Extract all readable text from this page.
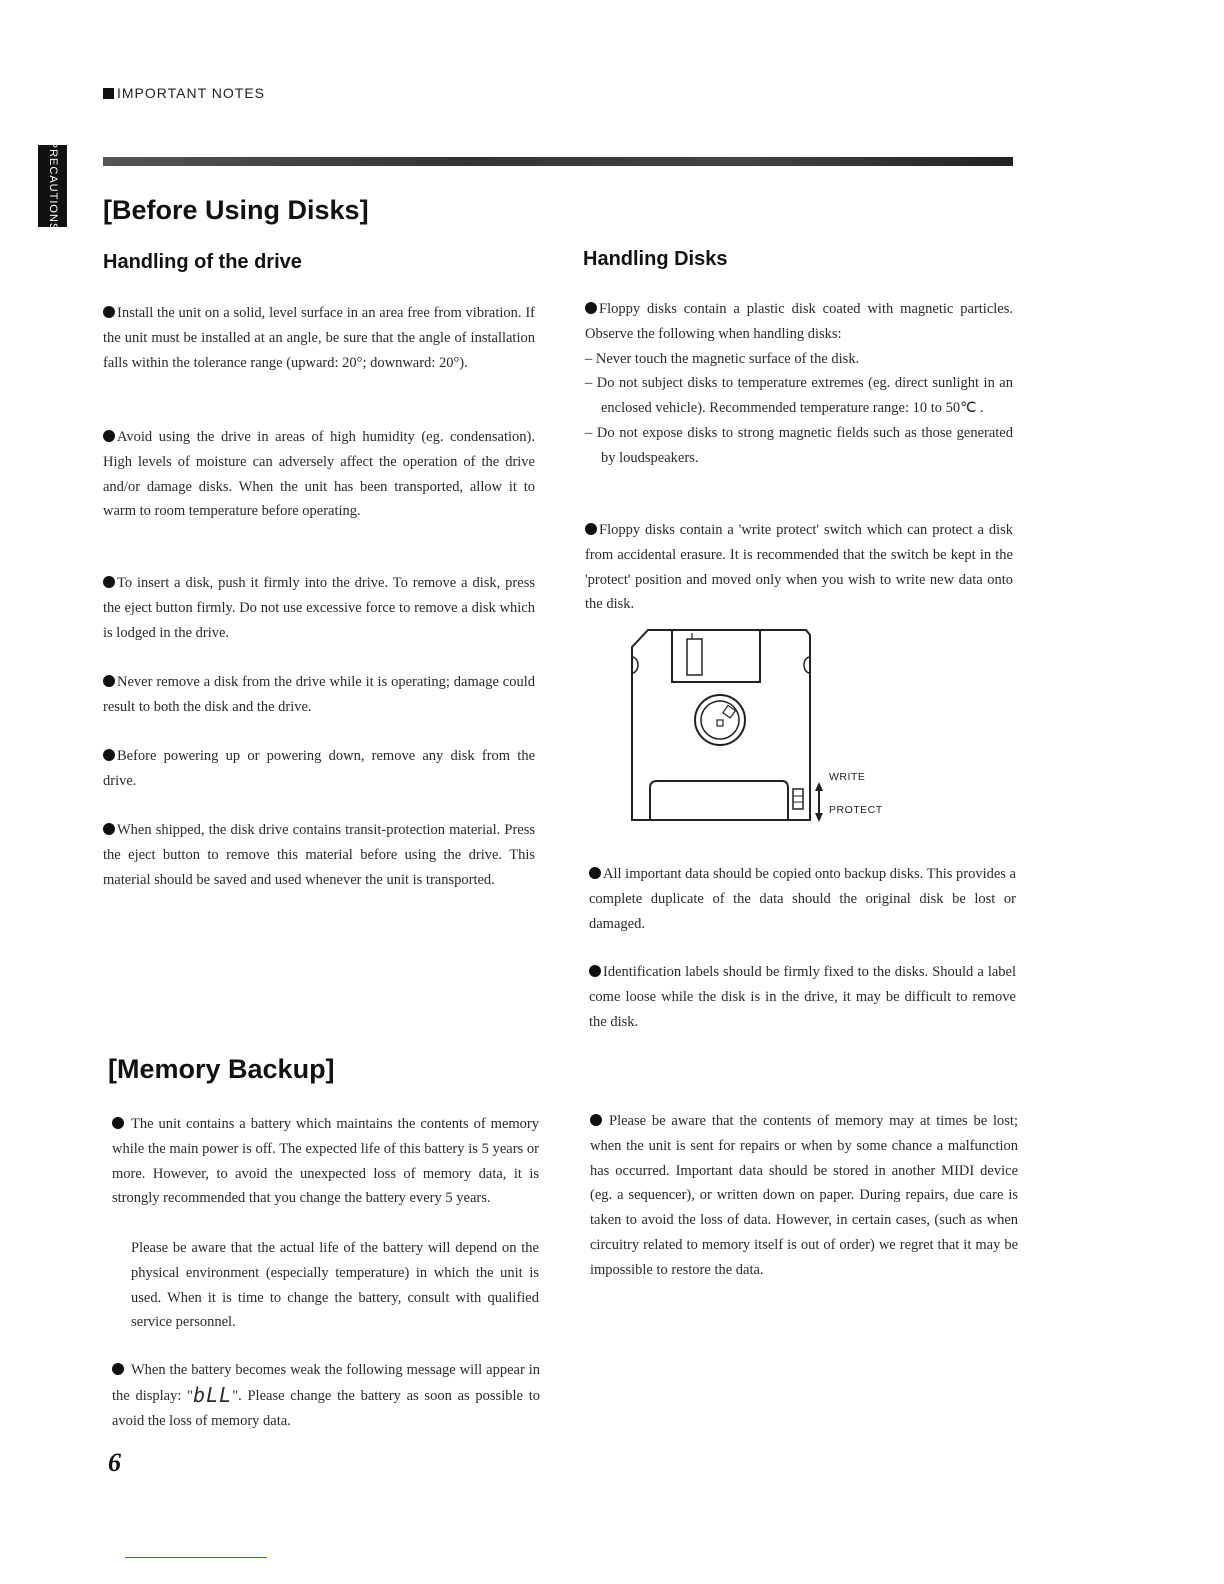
IMPORTANT NOTES
PRECAUTIONS [Before Using Disks]
Handling of the drive
Install the unit on a solid, level surface in an area free from vibration. If the unit must be installed at an angle, be sure that the angle of installation falls within the tolerance range (upward: 20°; downward: 20°).
Avoid using the drive in areas of high humidity (eg. condensation). High levels of moisture can adversely affect the operation of the drive and/or damage disks. When the unit has been transported, allow it to warm to room temperature before operating.
To insert a disk, push it firmly into the drive. To remove a disk, press the eject button firmly. Do not use excessive force to remove a disk which is lodged in the drive.
Never remove a disk from the drive while it is operating; damage could result to both the disk and the drive.
Before powering up or powering down, remove any disk from the drive.
When shipped, the disk drive contains transit-protection material. Press the eject button to remove this material before using the drive. This material should be saved and used whenever the unit is transported.
Handling Disks
Floppy disks contain a plastic disk coated with magnetic particles. Observe the following when handling disks:
– Never touch the magnetic surface of the disk.
– Do not subject disks to temperature extremes (eg. direct sunlight in an enclosed vehicle). Recommended temperature range: 10 to 50℃ .
– Do not expose disks to strong magnetic fields such as those generated by loudspeakers.
Floppy disks contain a 'write protect' switch which can protect a disk from accidental erasure. It is recommended that the switch be kept in the 'protect' position and moved only when you wish to write new data onto the disk.
WRITE
PROTECT
All important data should be copied onto backup disks. This provides a complete duplicate of the data should the original disk be lost or damaged.
Identification labels should be firmly fixed to the disks. Should a label come loose while the disk is in the drive, it may be difficult to remove the disk.
[Memory Backup]
The unit contains a battery which maintains the contents of memory while the main power is off. The expected life of this battery is 5 years or more. However, to avoid the unexpected loss of memory data, it is strongly recommended that you change the battery every 5 years.
Please be aware that the actual life of the battery will depend on the physical environment (especially temperature) in which the unit is used. When it is time to change the battery, consult with qualified service personnel.
When the battery becomes weak the following message will appear in the display: "bLL". Please change the battery as soon as possible to avoid the loss of memory data.
Please be aware that the contents of memory may at times be lost; when the unit is sent for repairs or when by some chance a malfunction has occurred. Important data should be stored in another MIDI device (eg. a sequencer), or written down on paper. During repairs, due care is taken to avoid the loss of data. However, in certain cases, (such as when circuitry related to memory itself is out of order) we regret that it may be impossible to restore the data.
6
